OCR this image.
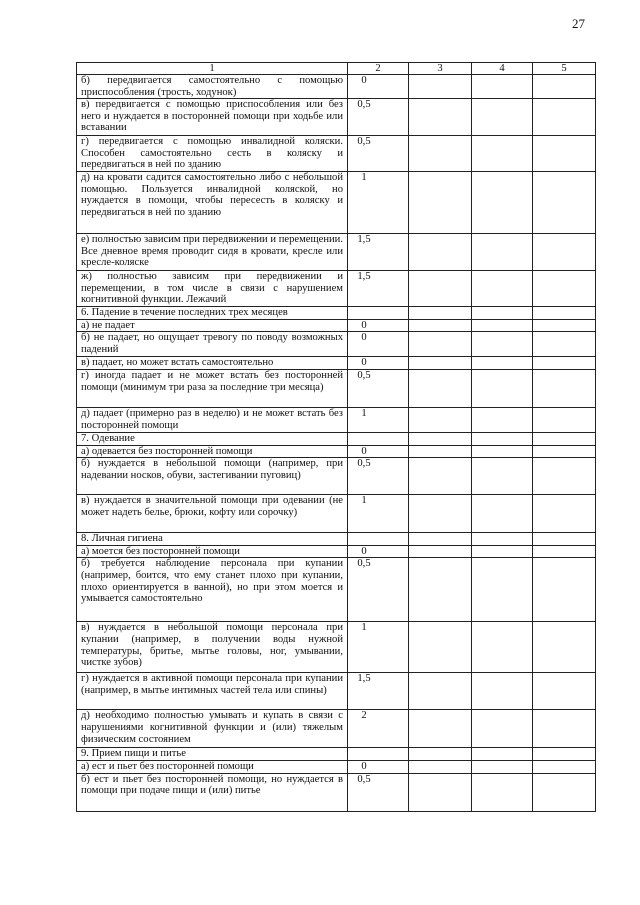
27
1	2	3	4	5
б) передвигается самостоятельно с помощью приспособления (трость, ходунок)	0			
в) передвигается с помощью приспособления или без него и нуждается в посторонней помощи при ходьбе или вставании	0,5			
г) передвигается с помощью инвалидной коляски. Способен самостоятельно сесть в коляску и передвигаться в ней по зданию	0,5			
д) на кровати садится самостоятельно либо с небольшой помощью. Пользуется инвалидной коляской, но нуждается в помощи, чтобы пересесть в коляску и передвигаться в ней по зданию	1			
е) полностью зависим при передвижении и перемещении. Все дневное время проводит сидя в кровати, кресле или кресле-коляске	1,5			
ж) полностью зависим при передвижении и перемещении, в том числе в связи с нарушением когнитивной функции. Лежачий	1,5			
6. Падение в течение последних трех месяцев				
а) не падает	0			
б) не падает, но ощущает тревогу по поводу возможных падений	0			
в) падает, но может встать самостоятельно	0			
г) иногда падает и не может встать без посторонней помощи (минимум три раза за последние три месяца)	0,5			
д) падает (примерно раз в неделю) и не может встать без посторонней помощи	1			
7. Одевание				
а) одевается без посторонней помощи	0			
б) нуждается в небольшой помощи (например, при надевании носков, обуви, застегивании пуговиц)	0,5			
в) нуждается в значительной помощи при одевании (не может надеть белье, брюки, кофту или сорочку)	1			
8. Личная гигиена				
а) моется без посторонней помощи	0			
б) требуется наблюдение персонала при купании (например, боится, что ему станет плохо при купании, плохо ориентируется в ванной), но при этом моется и умывается самостоятельно	0,5			
в) нуждается в небольшой помощи персонала при купании (например, в получении воды нужной температуры, бритье, мытье головы, ног, умывании, чистке зубов)	1			
г) нуждается в активной помощи персонала при купании (например, в мытье интимных частей тела или спины)	1,5			
д) необходимо полностью умывать и купать в связи с нарушениями когнитивной функции и (или) тяжелым физическим состоянием	2			
9. Прием пищи и питье				
а) ест и пьет без посторонней помощи	0			
б) ест и пьет без посторонней помощи, но нуждается в помощи при подаче пищи и (или) питье	0,5			
